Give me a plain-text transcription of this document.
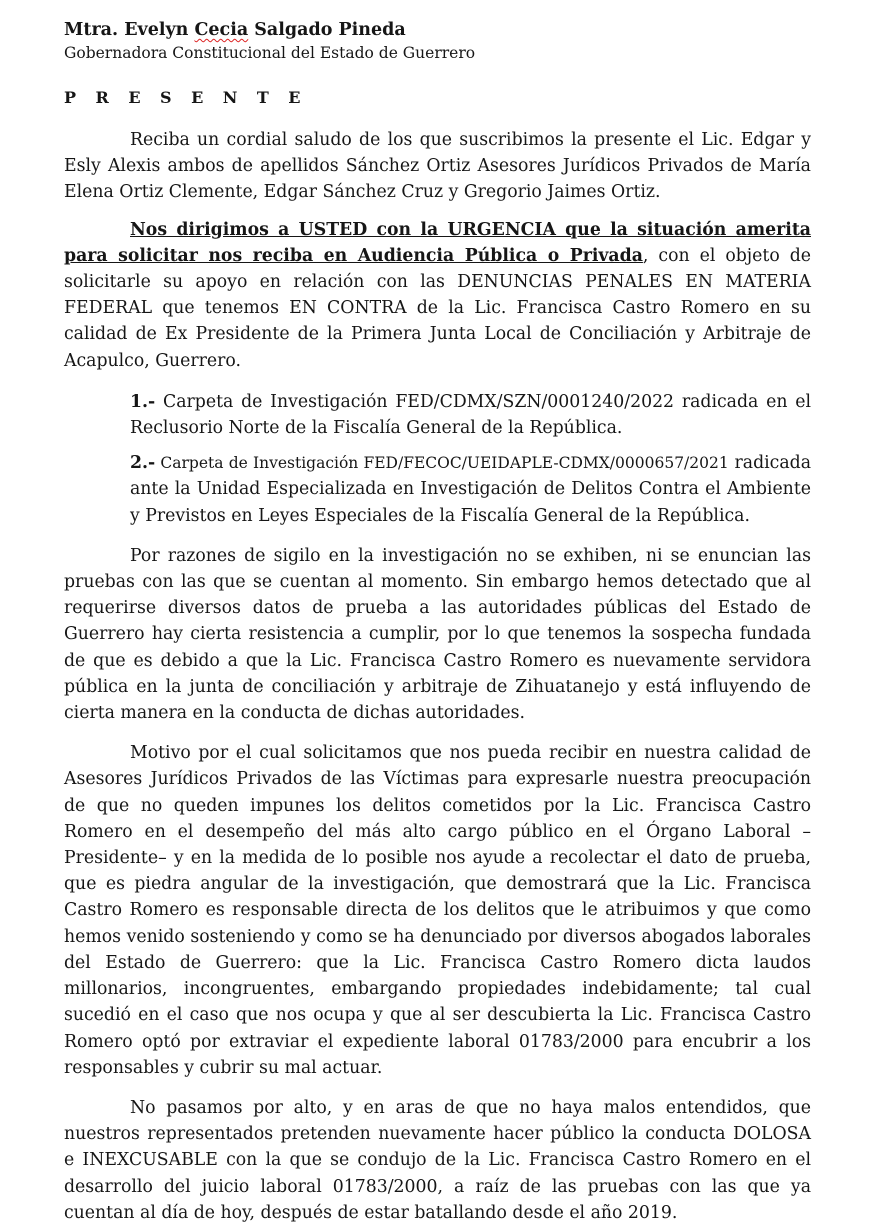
Mtra. Evelyn Cecia Salgado Pineda
Gobernadora Constitucional del Estado de Guerrero
PRESENTE

Reciba un cordial saludo de los que suscribimos la presente el Lic. Edgar y Esly Alexis ambos de apellidos Sánchez Ortiz Asesores Jurídicos Privados de María Elena Ortiz Clemente, Edgar Sánchez Cruz y Gregorio Jaimes Ortiz.

Nos dirigimos a USTED con la URGENCIA que la situación amerita para solicitar nos reciba en Audiencia Pública o Privada, con el objeto de solicitarle su apoyo en relación con las DENUNCIAS PENALES EN MATERIA FEDERAL que tenemos EN CONTRA de la Lic. Francisca Castro Romero en su calidad de Ex Presidente de la Primera Junta Local de Conciliación y Arbitraje de Acapulco, Guerrero.

1.- Carpeta de Investigación FED/CDMX/SZN/0001240/2022 radicada en el Reclusorio Norte de la Fiscalía General de la República.

2.- Carpeta de Investigación FED/FECOC/UEIDAPLE-CDMX/0000657/2021 radicada ante la Unidad Especializada en Investigación de Delitos Contra el Ambiente y Previstos en Leyes Especiales de la Fiscalía General de la República.

Por razones de sigilo en la investigación no se exhiben, ni se enuncian las pruebas con las que se cuentan al momento. Sin embargo hemos detectado que al requerirse diversos datos de prueba a las autoridades públicas del Estado de Guerrero hay cierta resistencia a cumplir, por lo que tenemos la sospecha fundada de que es debido a que la Lic. Francisca Castro Romero es nuevamente servidora pública en la junta de conciliación y arbitraje de Zihuatanejo y está influyendo de cierta manera en la conducta de dichas autoridades.

Motivo por el cual solicitamos que nos pueda recibir en nuestra calidad de Asesores Jurídicos Privados de las Víctimas para expresarle nuestra preocupación de que no queden impunes los delitos cometidos por la Lic. Francisca Castro Romero en el desempeño del más alto cargo público en el Órgano Laboral –Presidente– y en la medida de lo posible nos ayude a recolectar el dato de prueba, que es piedra angular de la investigación, que demostrará que la Lic. Francisca Castro Romero es responsable directa de los delitos que le atribuimos y que como hemos venido sosteniendo y como se ha denunciado por diversos abogados laborales del Estado de Guerrero: que la Lic. Francisca Castro Romero dicta laudos millonarios, incongruentes, embargando propiedades indebidamente; tal cual sucedió en el caso que nos ocupa y que al ser descubierta la Lic. Francisca Castro Romero optó por extraviar el expediente laboral 01783/2000 para encubrir a los responsables y cubrir su mal actuar.

No pasamos por alto, y en aras de que no haya malos entendidos, que nuestros representados pretenden nuevamente hacer público la conducta DOLOSA e INEXCUSABLE con la que se condujo de la Lic. Francisca Castro Romero en el desarrollo del juicio laboral 01783/2000, a raíz de las pruebas con las que ya cuentan al día de hoy, después de estar batallando desde el año 2019.
